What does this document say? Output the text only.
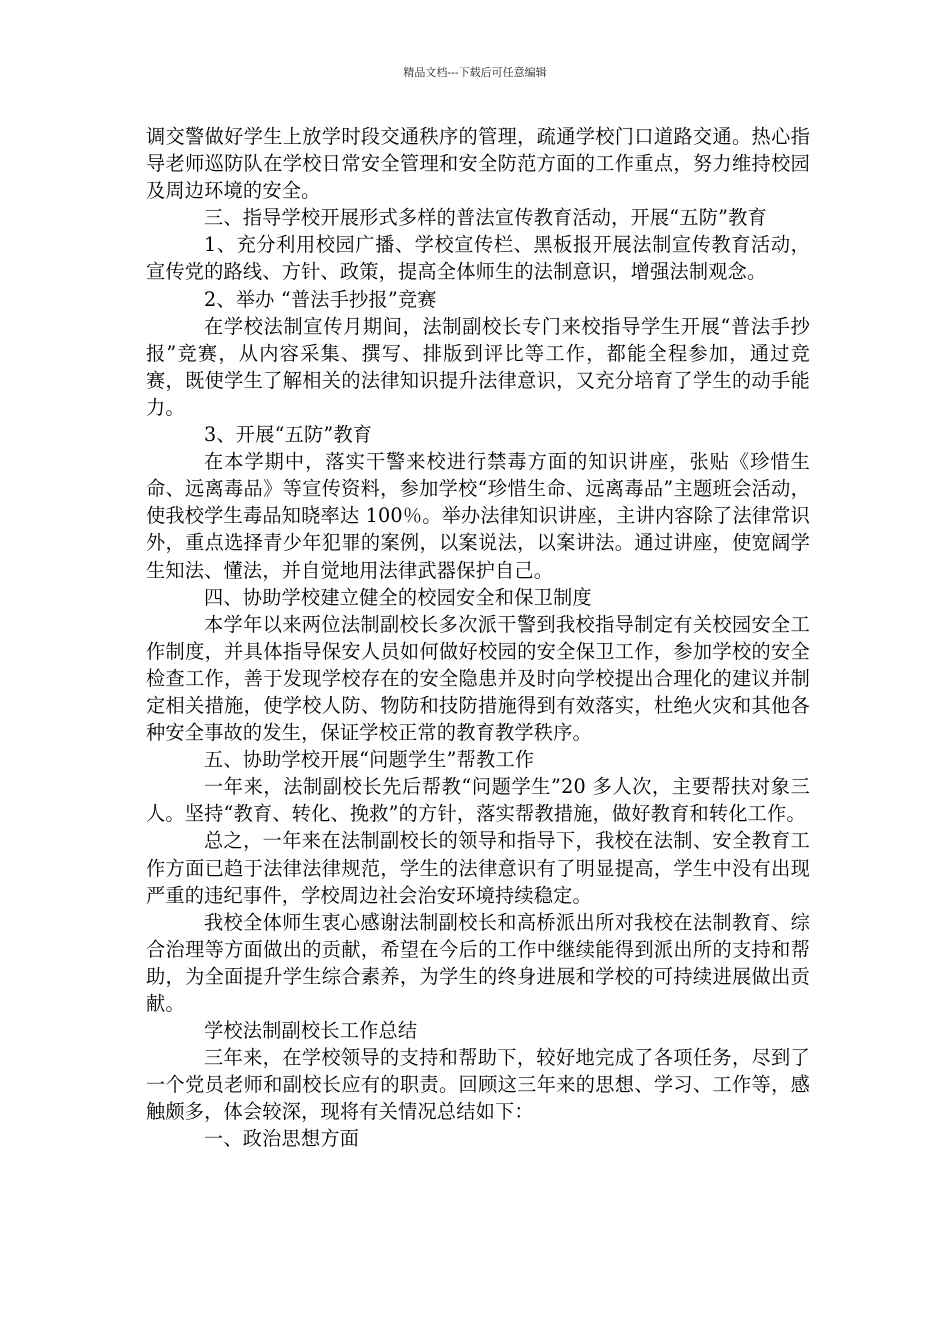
精品文档---下载后可任意编辑

调交警做好学生上放学时段交通秩序的管理，疏通学校门口道路交通。热心指导老师巡防队在学校日常安全管理和安全防范方面的工作重点，努力维持校园及周边环境的安全。

三、指导学校开展形式多样的普法宣传教育活动，开展“五防”教育

1、充分利用校园广播、学校宣传栏、黑板报开展法制宣传教育活动，宣传党的路线、方针、政策，提高全体师生的法制意识，增强法制观念。

2、举办 “普法手抄报”竞赛

在学校法制宣传月期间，法制副校长专门来校指导学生开展“普法手抄报”竞赛，从内容采集、撰写、排版到评比等工作，都能全程参加，通过竞赛，既使学生了解相关的法律知识提升法律意识，又充分培育了学生的动手能力。

3、开展“五防”教育

在本学期中，落实干警来校进行禁毒方面的知识讲座，张贴《珍惜生命、远离毒品》等宣传资料，参加学校“珍惜生命、远离毒品”主题班会活动，使我校学生毒品知晓率达 100％。举办法律知识讲座，主讲内容除了法律常识外，重点选择青少年犯罪的案例，以案说法，以案讲法。通过讲座，使宽阔学生知法、懂法，并自觉地用法律武器保护自己。

四、协助学校建立健全的校园安全和保卫制度

本学年以来两位法制副校长多次派干警到我校指导制定有关校园安全工作制度，并具体指导保安人员如何做好校园的安全保卫工作，参加学校的安全检查工作，善于发现学校存在的安全隐患并及时向学校提出合理化的建议并制定相关措施，使学校人防、物防和技防措施得到有效落实，杜绝火灾和其他各种安全事故的发生，保证学校正常的教育教学秩序。

五、协助学校开展“问题学生”帮教工作

一年来，法制副校长先后帮教“问题学生”20 多人次，主要帮扶对象三人。坚持“教育、转化、挽救”的方针，落实帮教措施，做好教育和转化工作。

总之，一年来在法制副校长的领导和指导下，我校在法制、安全教育工作方面已趋于法律法律规范，学生的法律意识有了明显提高，学生中没有出现严重的违纪事件，学校周边社会治安环境持续稳定。

我校全体师生衷心感谢法制副校长和高桥派出所对我校在法制教育、综合治理等方面做出的贡献，希望在今后的工作中继续能得到派出所的支持和帮助，为全面提升学生综合素养，为学生的终身进展和学校的可持续进展做出贡献。

学校法制副校长工作总结

三年来，在学校领导的支持和帮助下，较好地完成了各项任务，尽到了一个党员老师和副校长应有的职责。回顾这三年来的思想、学习、工作等，感触颇多，体会较深，现将有关情况总结如下：

一、政治思想方面
